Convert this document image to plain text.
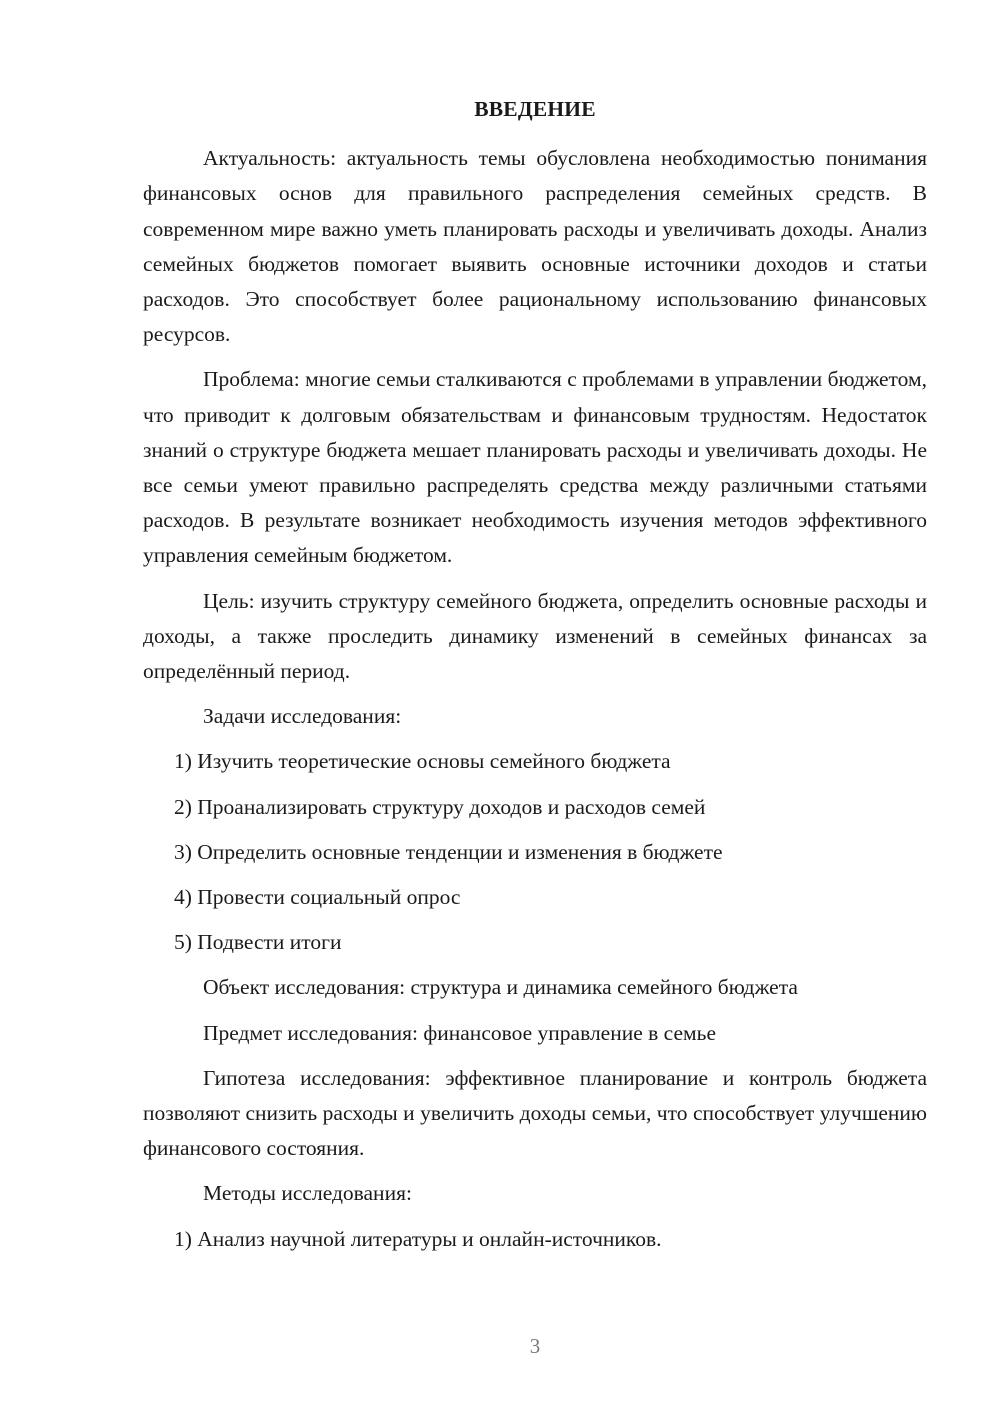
ВВЕДЕНИЕ

Актуальность: актуальность темы обусловлена необходимостью понимания финансовых основ для правильного распределения семейных средств. В современном мире важно уметь планировать расходы и увеличивать доходы. Анализ семейных бюджетов помогает выявить основные источники доходов и статьи расходов. Это способствует более рациональному использованию финансовых ресурсов.

Проблема: многие семьи сталкиваются с проблемами в управлении бюджетом, что приводит к долговым обязательствам и финансовым трудностям. Недостаток знаний о структуре бюджета мешает планировать расходы и увеличивать доходы. Не все семьи умеют правильно распределять средства между различными статьями расходов. В результате возникает необходимость изучения методов эффективного управления семейным бюджетом.

Цель: изучить структуру семейного бюджета, определить основные расходы и доходы, а также проследить динамику изменений в семейных финансах за определённый период.

Задачи исследования:

1) Изучить теоретические основы семейного бюджета

2) Проанализировать структуру доходов и расходов семей

3) Определить основные тенденции и изменения в бюджете

4) Провести социальный опрос

5) Подвести итоги

Объект исследования: структура и динамика семейного бюджета

Предмет исследования: финансовое управление в семье

Гипотеза исследования: эффективное планирование и контроль бюджета позволяют снизить расходы и увеличить доходы семьи, что способствует улучшению финансового состояния.

Методы исследования:

1) Анализ научной литературы и онлайн-источников.

3
